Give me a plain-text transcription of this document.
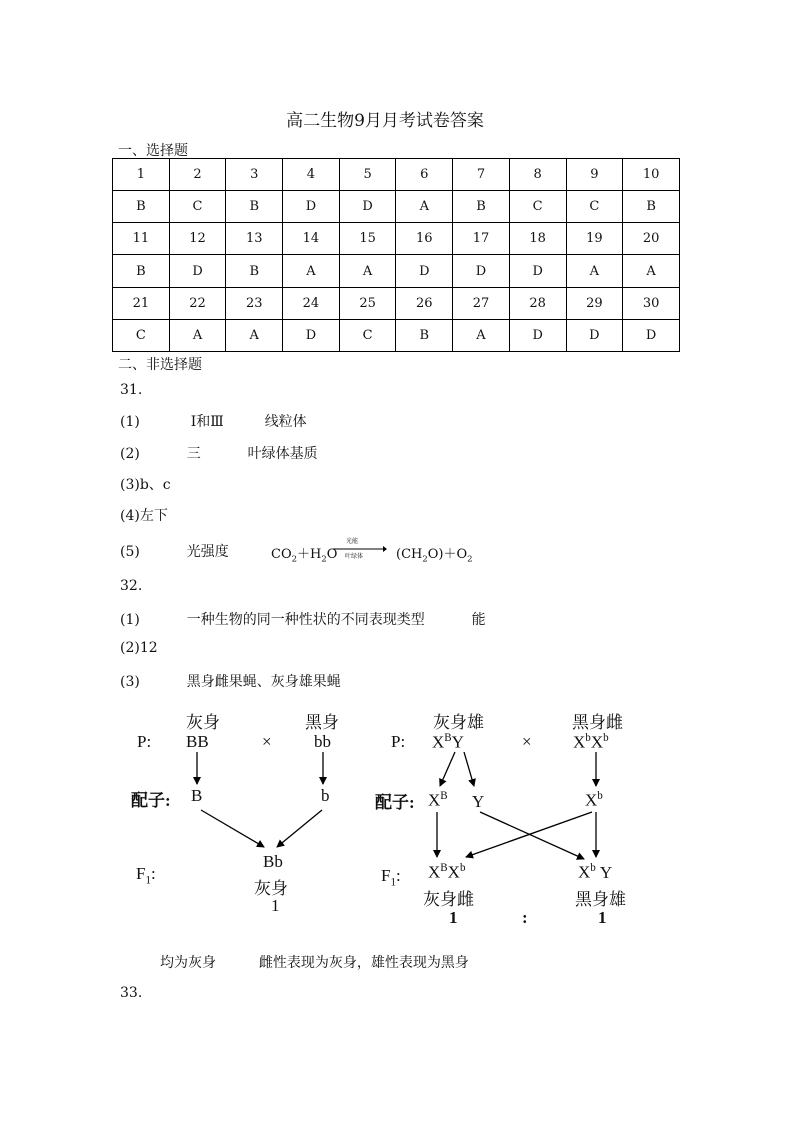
高二生物9月月考试卷答案
一、选择题
1	2	3	4	5	6	7	8	9	10
B	C	B	D	D	A	B	C	C	B
11	12	13	14	15	16	17	18	19	20
B	D	B	A	A	D	D	D	A	A
21	22	23	24	25	26	27	28	29	30
C	A	A	D	C	B	A	D	D	D
二、非选择题
31.
(1)	Ⅰ和Ⅲ	线粒体
(2)	三	叶绿体基质
(3)b、c
(4)左下
(5)	光强度	$CO_2+H_2O$
光能
叶绿体	$(CH_2O)+O_2$
32.
(1)	一种生物的同一种性状的不同表现类型	能
(2)12
(3)	黑身雌果蝇、灰身雄果蝇
灰身	黑身
P: BB	× bb
配子: B	b
$F_1$:
Bb
灰身
1
灰身雄	黑身雌
P: $X^BY$	× $X^bX^b$
配子: $X^B$ Y	$X^b$
$F_1$: $X^BX^b$
灰身雌
$X^b$ Y
黑身雄
1	:	1
均为灰身	雌性表现为灰身，雄性表现为黑身
33.
